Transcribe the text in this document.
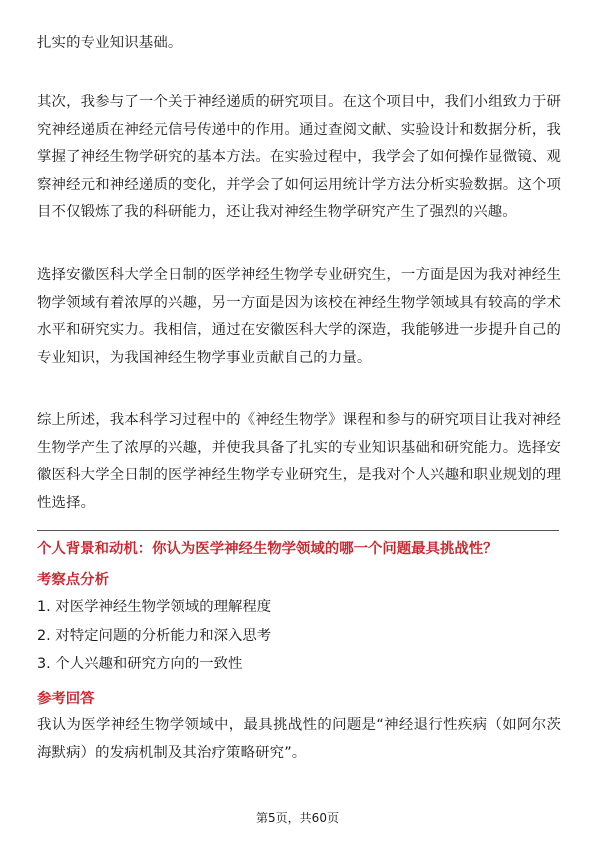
扎实的专业知识基础。

其次，我参与了一个关于神经递质的研究项目。在这个项目中，我们小组致力于研究神经递质在神经元信号传递中的作用。通过查阅文献、实验设计和数据分析，我掌握了神经生物学研究的基本方法。在实验过程中，我学会了如何操作显微镜、观察神经元和神经递质的变化，并学会了如何运用统计学方法分析实验数据。这个项目不仅锻炼了我的科研能力，还让我对神经生物学研究产生了强烈的兴趣。

选择安徽医科大学全日制的医学神经生物学专业研究生，一方面是因为我对神经生物学领域有着浓厚的兴趣，另一方面是因为该校在神经生物学领域具有较高的学术水平和研究实力。我相信，通过在安徽医科大学的深造，我能够进一步提升自己的专业知识，为我国神经生物学事业贡献自己的力量。

综上所述，我本科学习过程中的《神经生物学》课程和参与的研究项目让我对神经生物学产生了浓厚的兴趣，并使我具备了扎实的专业知识基础和研究能力。选择安徽医科大学全日制的医学神经生物学专业研究生，是我对个人兴趣和职业规划的理性选择。

个人背景和动机：你认为医学神经生物学领域的哪一个问题最具挑战性？

考察点分析

1. 对医学神经生物学领域的理解程度

2. 对特定问题的分析能力和深入思考

3. 个人兴趣和研究方向的一致性

参考回答

我认为医学神经生物学领域中，最具挑战性的问题是“神经退行性疾病（如阿尔茨海默病）的发病机制及其治疗策略研究”。

第5页，共60页
